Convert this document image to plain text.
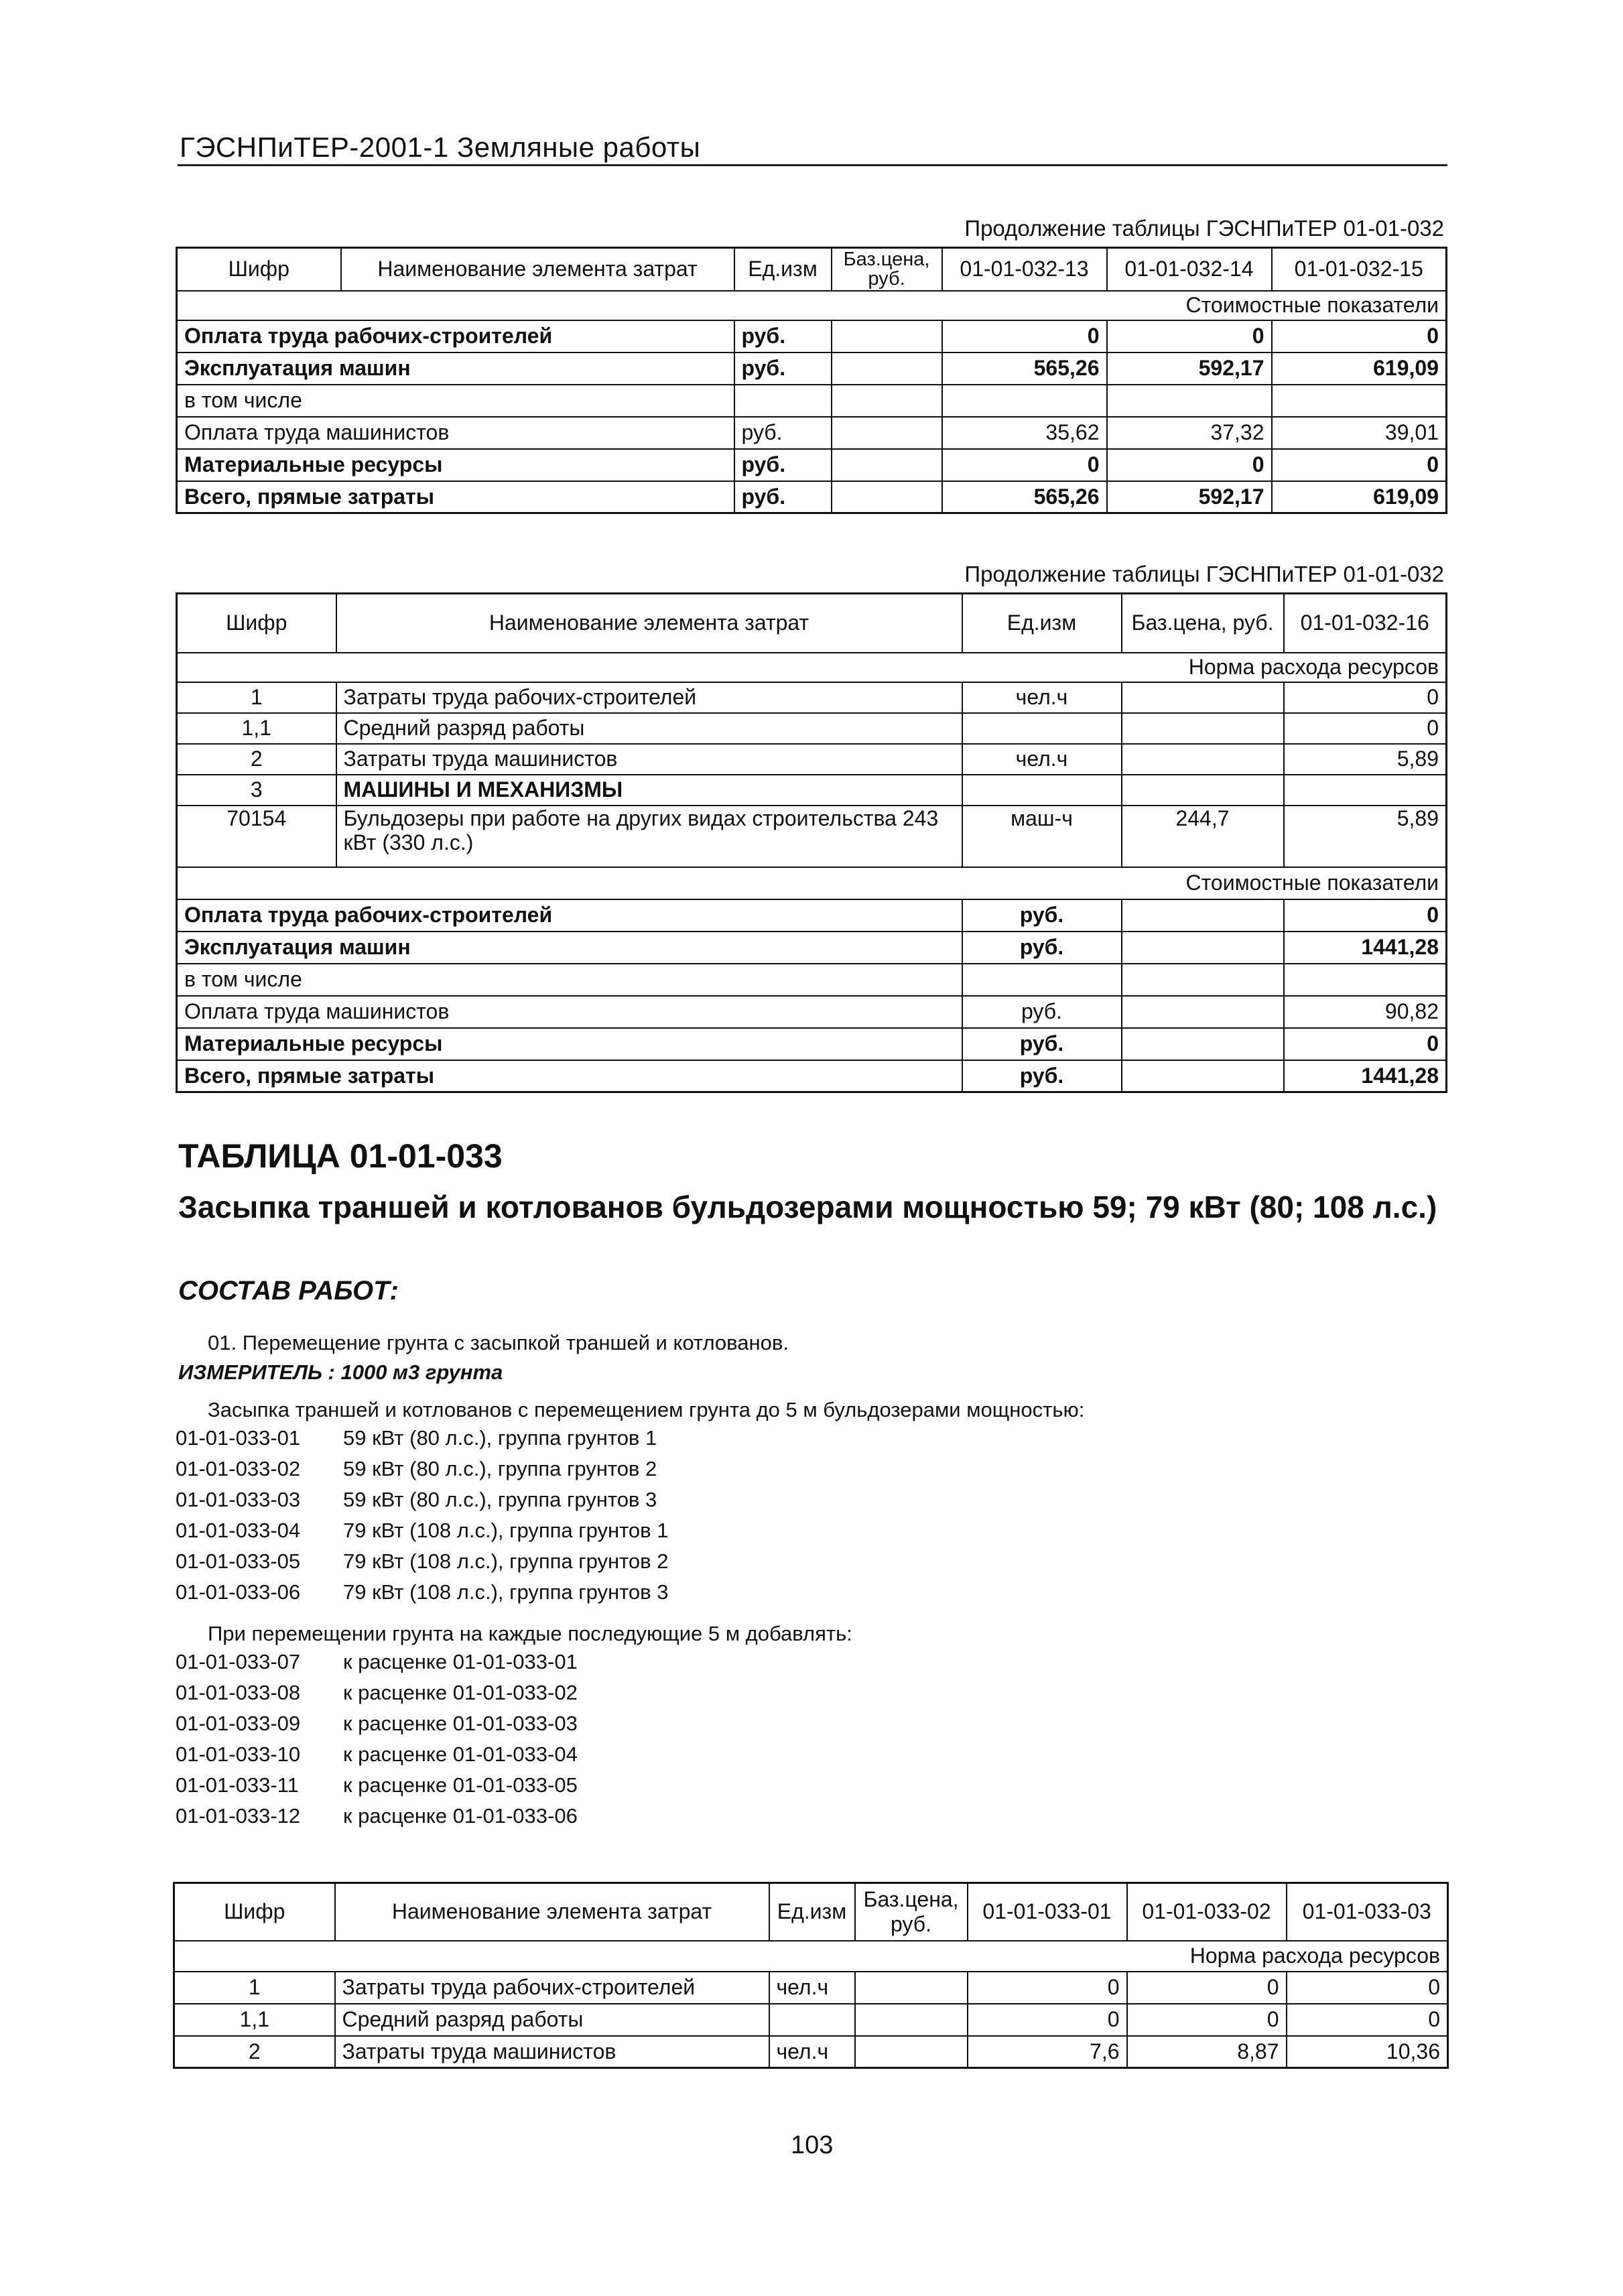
ГЭСНПиТЕР-2001-1 Земляные работы
Продолжение таблицы ГЭСНПиТЕР 01-01-032
Шифр	Наименование элемента затрат	Ед.изм	Баз.цена, руб.	01-01-032-13	01-01-032-14	01-01-032-15
Стоимостные показатели						
Оплата труда рабочих-строителей		руб.		0	0	0
Эксплуатация машин		руб.		565,26	592,17	619,09
в том числе						
Оплата труда машинистов		руб.		35,62	37,32	39,01
Материальные ресурсы		руб.		0	0	0
Всего, прямые затраты		руб.		565,26	592,17	619,09
Продолжение таблицы ГЭСНПиТЕР 01-01-032
Шифр	Наименование элемента затрат	Ед.изм	Баз.цена, руб.	01-01-032-16
Норма расхода ресурсов				
1	Затраты труда рабочих-строителей	чел.ч		0
1,1	Средний разряд работы			0
2	Затраты труда машинистов	чел.ч		5,89
3	МАШИНЫ И МЕХАНИЗМЫ			
70154	Бульдозеры при работе на других видах строительства 243 кВт (330 л.с.)	маш-ч	244,7	5,89
Стоимостные показатели				
Оплата труда рабочих-строителей		руб.		0
Эксплуатация машин		руб.		1441,28
в том числе				
Оплата труда машинистов		руб.		90,82
Материальные ресурсы		руб.		0
Всего, прямые затраты		руб.		1441,28
ТАБЛИЦА 01-01-033
Засыпка траншей и котлованов бульдозерами мощностью 59; 79 кВт (80; 108 л.с.)
СОСТАВ РАБОТ:
01. Перемещение грунта с засыпкой траншей и котлованов.
ИЗМЕРИТЕЛЬ : 1000 м3 грунта
Засыпка траншей и котлованов с перемещением грунта до 5 м бульдозерами мощностью:
01-01-033-01	59 кВт (80 л.с.), группа грунтов 1
01-01-033-02	59 кВт (80 л.с.), группа грунтов 2
01-01-033-03	59 кВт (80 л.с.), группа грунтов 3
01-01-033-04	79 кВт (108 л.с.), группа грунтов 1
01-01-033-05	79 кВт (108 л.с.), группа грунтов 2
01-01-033-06	79 кВт (108 л.с.), группа грунтов 3
При перемещении грунта на каждые последующие 5 м добавлять:
01-01-033-07	к расценке 01-01-033-01
01-01-033-08	к расценке 01-01-033-02
01-01-033-09	к расценке 01-01-033-03
01-01-033-10	к расценке 01-01-033-04
01-01-033-11	к расценке 01-01-033-05
01-01-033-12	к расценке 01-01-033-06
Шифр	Наименование элемента затрат	Ед.изм	Баз.цена, руб.	01-01-033-01	01-01-033-02	01-01-033-03
Норма расхода ресурсов						
1	Затраты труда рабочих-строителей	чел.ч		0	0	0
1,1	Средний разряд работы			0	0	0
2	Затраты труда машинистов	чел.ч		7,6	8,87	10,36
103
